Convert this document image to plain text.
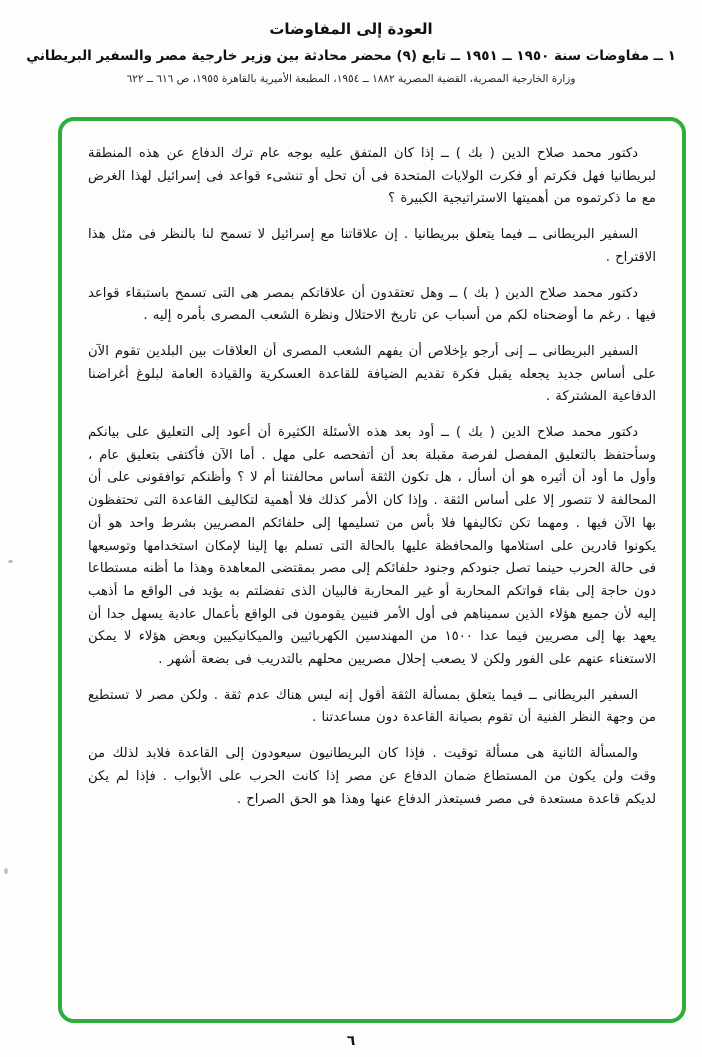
العودة إلى المفاوضات
١ ــ مفاوضات سنة ١٩٥٠ ــ ١٩٥١ ــ تابع (٩) محضر محادثة بين وزير خارجية مصر والسفير البريطاني
وزارة الخارجية المصرية، القضية المصرية ١٨٨٢ ــ ١٩٥٤، المطبعة الأميرية بالقاهرة ١٩٥٥، ص ٦١٦ ــ ٦٢٢

دكتور محمد صلاح الدين ( بك ) ــ إذا كان المتفق عليه بوجه عام ترك الدفاع عن هذه المنطقة لبريطانيا فهل فكرتم أو فكرت الولايات المتحدة فى أن تحل أو تنشىء قواعد فى إسرائيل لهذا الغرض مع ما ذكرتموه من أهميتها الاستراتيجية الكبيرة ؟

السفير البريطانى ــ فيما يتعلق ببريطانيا . إن علاقاتنا مع إسرائيل لا تسمح لنا بالنظر فى مثل هذا الاقتراح .

دكتور محمد صلاح الدين ( بك ) ــ وهل تعتقدون أن علاقاتكم بمصر هى التى تسمح باستبقاء قواعد فيها . رغم ما أوضحناه لكم من أسباب عن تاريخ الاحتلال ونظرة الشعب المصرى بأمره إليه .

السفير البريطانى ــ إنى أرجو بإخلاص أن يفهم الشعب المصرى أن العلاقات بين البلدين تقوم الآن على أساس جديد يجعله يقبل فكرة تقديم الضيافة للقاعدة العسكرية والقيادة العامة لبلوغ أغراضنا الدفاعية المشتركة .

دكتور محمد صلاح الدين ( بك ) ــ أود بعد هذه الأسئلة الكثيرة أن أعود إلى التعليق على بيانكم وسأحتفظ بالتعليق المفصل لفرصة مقبلة بعد أن أتفحصه على مهل . أما الآن فأكتفى بتعليق عام ، وأول ما أود أن أثيره هو أن أسأل ، هل تكون الثقة أساس محالفتنا أم لا ؟ وأظنكم توافقونى على أن المحالفة لا تتصور إلا على أساس الثقة . وإذا كان الأمر كذلك فلا أهمية لتكاليف القاعدة التى تحتفظون بها الآن فيها . ومهما تكن تكاليفها فلا بأس من تسليمها إلى حلفائكم المصريين بشرط واحد هو أن يكونوا قادرين على استلامها والمحافظة عليها بالحالة التى تسلم بها إلينا لإمكان استخدامها وتوسيعها فى حالة الحرب حينما تصل جنودكم وجنود حلفائكم إلى مصر بمقتضى المعاهدة وهذا ما أظنه مستطاعا دون حاجة إلى بقاء قواتكم المحاربة أو غير المحاربة فالبيان الذى تفضلتم به يؤيد فى الواقع ما أذهب إليه لأن جميع هؤلاء الذين سميناهم فى أول الأمر فنيين يقومون فى الواقع بأعمال عادية يسهل جدا أن يعهد بها إلى مصريين فيما عدا ١٥٠٠ من المهندسين الكهربائيين والميكانيكيين وبعض هؤلاء لا يمكن الاستغناء عنهم على الفور ولكن لا يصعب إحلال مصريين محلهم بالتدريب فى بضعة أشهر .

السفير البريطانى ــ فيما يتعلق بمسألة الثقة أقول إنه ليس هناك عدم ثقة . ولكن مصر لا تستطيع من وجهة النظر الفنية أن تقوم بصيانة القاعدة دون مساعدتنا .

والمسألة الثانية هى مسألة توقيت . فإذا كان البريطانيون سيعودون إلى القاعدة فلابد لذلك من وقت ولن يكون من المستطاع ضمان الدفاع عن مصر إذا كانت الحرب على الأبواب . فإذا لم يكن لديكم قاعدة مستعدة فى مصر فسيتعذر الدفاع عنها وهذا هو الحق الصراح .

٦
